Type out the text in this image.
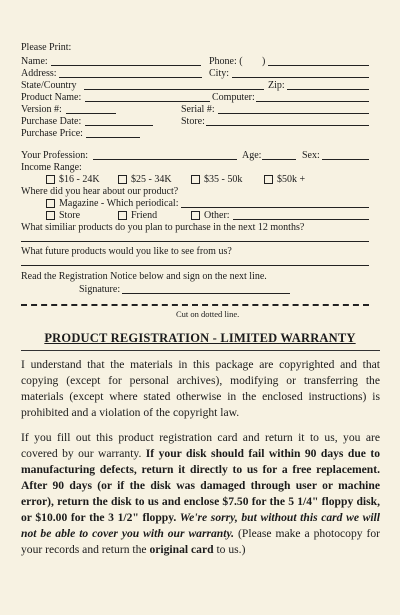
Please Print:
Name:	Phone: ( )
Address:	City:
State/Country	Zip:
Product Name:	Computer:
Version #:	Serial #:
Purchase Date:	Store:
Purchase Price:
Your Profession:	Age:	Sex:
Income Range:
$16 - 24K	$25 - 34K	$35 - 50k	$50k +
Where did you hear about our product?
Magazine - Which periodical:
Store	Friend	Other:
What similiar products do you plan to purchase in the next 12 months?
What future products would you like to see from us?
Read the Registration Notice below and sign on the next line.
Signature:
Cut on dotted line.
PRODUCT REGISTRATION - LIMITED WARRANTY
I understand that the materials in this package are copyrighted and that copying (except for personal archives), modifying or transferring the materials (except where stated otherwise in the enclosed instructions) is prohibited and a violation of the copyright law.
If you fill out this product registration card and return it to us, you are covered by our warranty. If your disk should fail within 90 days due to manufacturing defects, return it directly to us for a free replacement. After 90 days (or if the disk was damaged through user or machine error), return the disk to us and enclose $7.50 for the 5 1/4" floppy disk, or $10.00 for the 3 1/2" floppy. We're sorry, but without this card we will not be able to cover you with our warranty. (Please make a photocopy for your records and return the original card to us.)
